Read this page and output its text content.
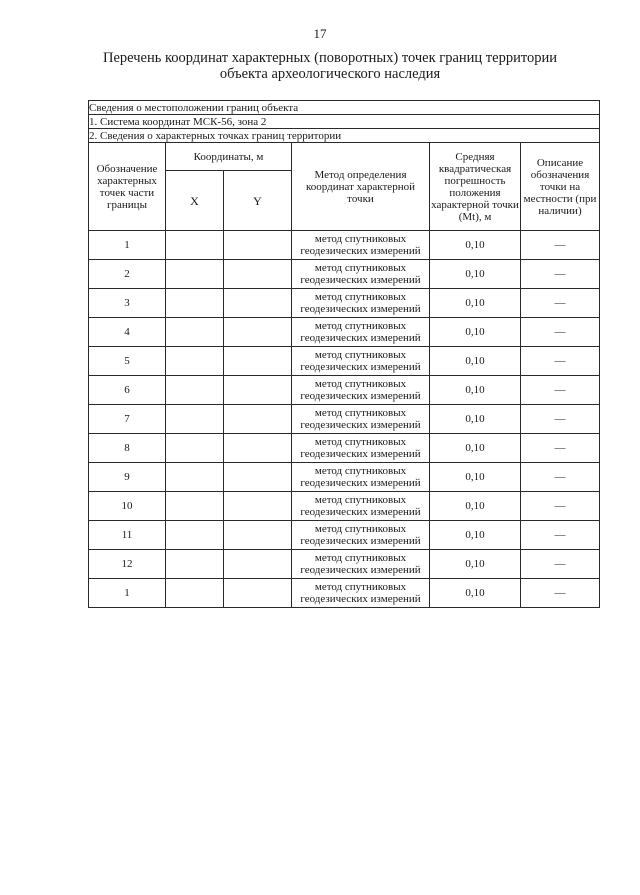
17
Перечень координат характерных (поворотных) точек границ территории
объекта археологического наследия
Сведения о местоположении границ объекта					
1. Система координат МСК-56, зона 2					
2. Сведения о характерных точках границ территории					
Обозначение характерных точек части границы	Координаты, м		Метод определения координат характерной точки	Средняя квадратическая погрешность положения характерной точки (Mt), м	Описание обозначения точки на местности (при наличии)
	X	Y			
1			метод спутниковых
геодезических измерений	0,10	—
2			метод спутниковых
геодезических измерений	0,10	—
3			метод спутниковых
геодезических измерений	0,10	—
4			метод спутниковых
геодезических измерений	0,10	—
5			метод спутниковых
геодезических измерений	0,10	—
6			метод спутниковых
геодезических измерений	0,10	—
7			метод спутниковых
геодезических измерений	0,10	—
8			метод спутниковых
геодезических измерений	0,10	—
9			метод спутниковых
геодезических измерений	0,10	—
10			метод спутниковых
геодезических измерений	0,10	—
11			метод спутниковых
геодезических измерений	0,10	—
12			метод спутниковых
геодезических измерений	0,10	—
1			метод спутниковых
геодезических измерений	0,10	—
